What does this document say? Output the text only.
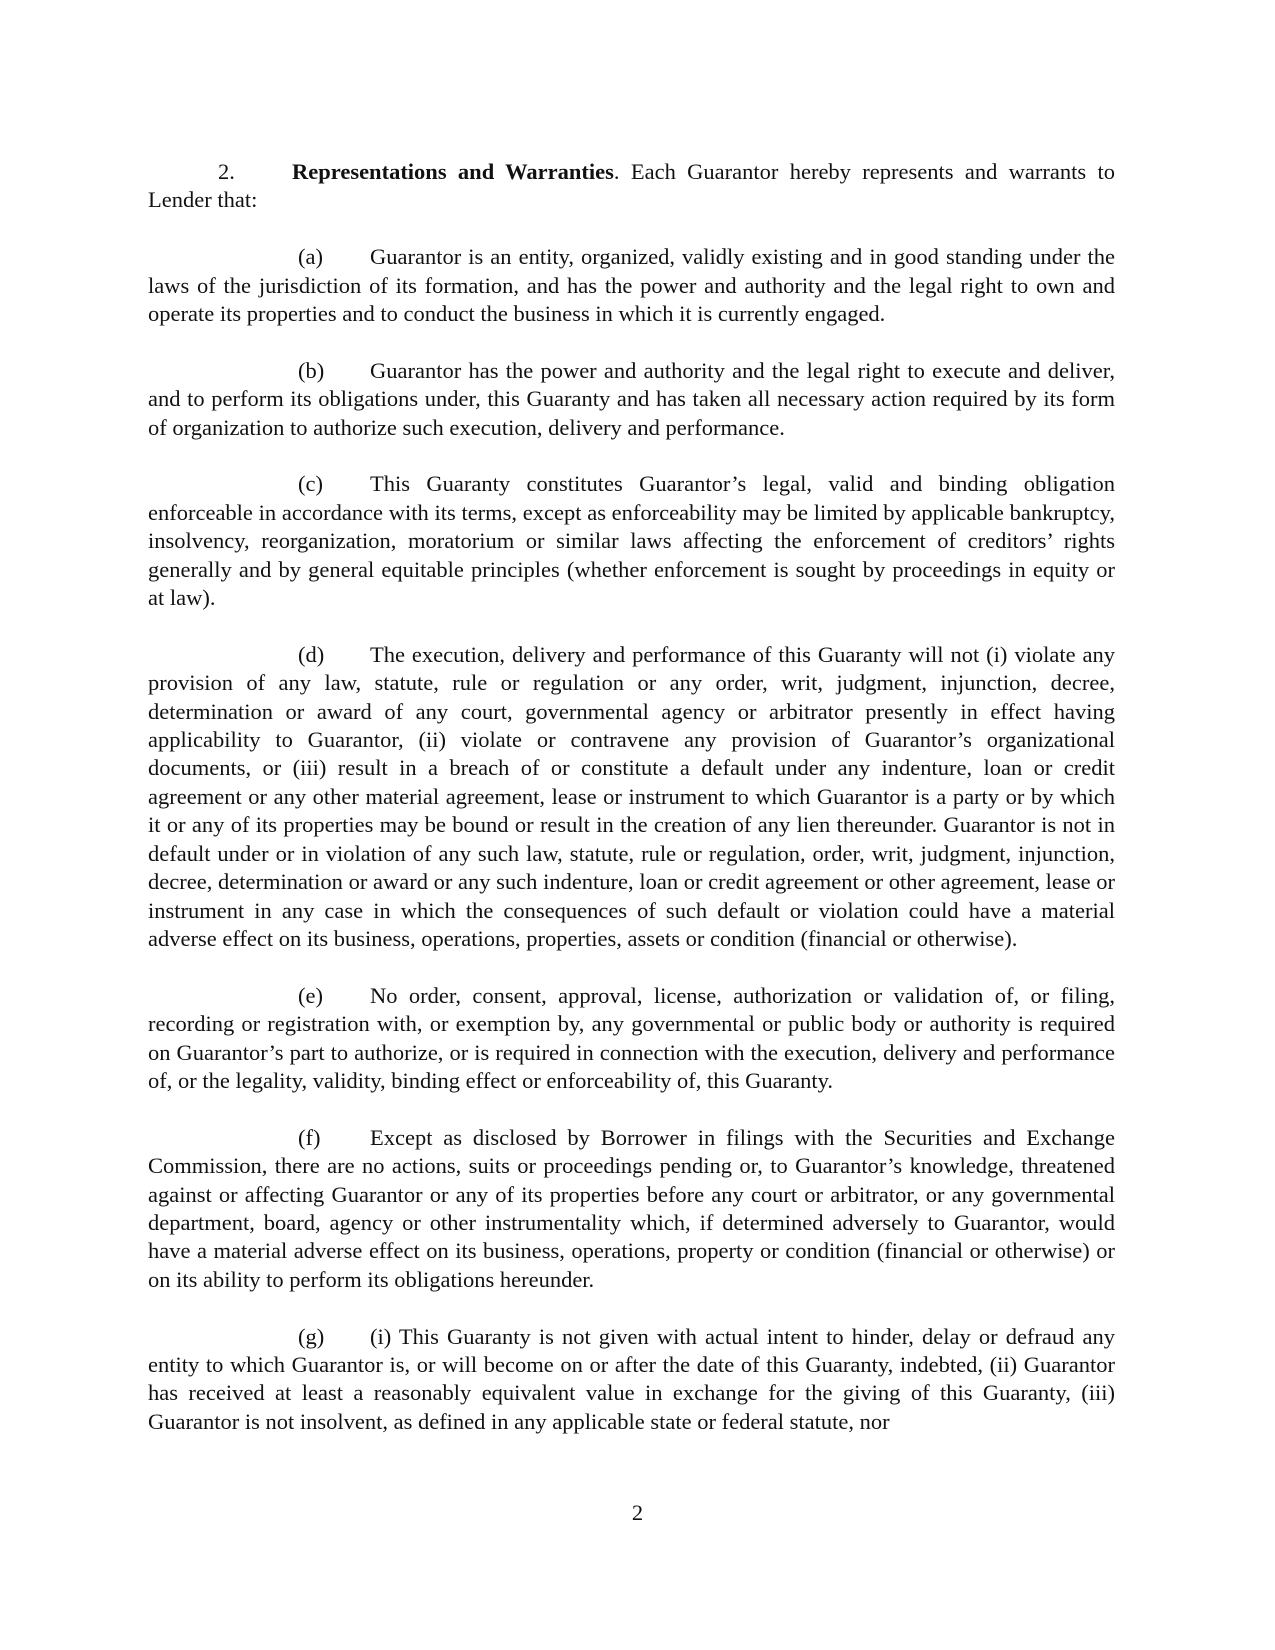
2.	Representations and Warranties. Each Guarantor hereby represents and warrants to Lender that:

(a) Guarantor is an entity, organized, validly existing and in good standing under the laws of the jurisdiction of its formation, and has the power and authority and the legal right to own and operate its properties and to conduct the business in which it is currently engaged.

(b) Guarantor has the power and authority and the legal right to execute and deliver, and to perform its obligations under, this Guaranty and has taken all necessary action required by its form of organization to authorize such execution, delivery and performance.

(c) This Guaranty constitutes Guarantor’s legal, valid and binding obligation enforceable in accordance with its terms, except as enforceability may be limited by applicable bankruptcy, insolvency, reorganization, moratorium or similar laws affecting the enforcement of creditors’ rights generally and by general equitable principles (whether enforcement is sought by proceedings in equity or at law).

(d) The execution, delivery and performance of this Guaranty will not (i) violate any provision of any law, statute, rule or regulation or any order, writ, judgment, injunction, decree, determination or award of any court, governmental agency or arbitrator presently in effect having applicability to Guarantor, (ii) violate or contravene any provision of Guarantor’s organizational documents, or (iii) result in a breach of or constitute a default under any indenture, loan or credit agreement or any other material agreement, lease or instrument to which Guarantor is a party or by which it or any of its properties may be bound or result in the creation of any lien thereunder. Guarantor is not in default under or in violation of any such law, statute, rule or regulation, order, writ, judgment, injunction, decree, determination or award or any such indenture, loan or credit agreement or other agreement, lease or instrument in any case in which the consequences of such default or violation could have a material adverse effect on its business, operations, properties, assets or condition (financial or otherwise).

(e) No order, consent, approval, license, authorization or validation of, or filing, recording or registration with, or exemption by, any governmental or public body or authority is required on Guarantor’s part to authorize, or is required in connection with the execution, delivery and performance of, or the legality, validity, binding effect or enforceability of, this Guaranty.

(f) Except as disclosed by Borrower in filings with the Securities and Exchange Commission, there are no actions, suits or proceedings pending or, to Guarantor’s knowledge, threatened against or affecting Guarantor or any of its properties before any court or arbitrator, or any governmental department, board, agency or other instrumentality which, if determined adversely to Guarantor, would have a material adverse effect on its business, operations, property or condition (financial or otherwise) or on its ability to perform its obligations hereunder.

(g) (i) This Guaranty is not given with actual intent to hinder, delay or defraud any entity to which Guarantor is, or will become on or after the date of this Guaranty, indebted, (ii) Guarantor has received at least a reasonably equivalent value in exchange for the giving of this Guaranty, (iii) Guarantor is not insolvent, as defined in any applicable state or federal statute, nor

2
